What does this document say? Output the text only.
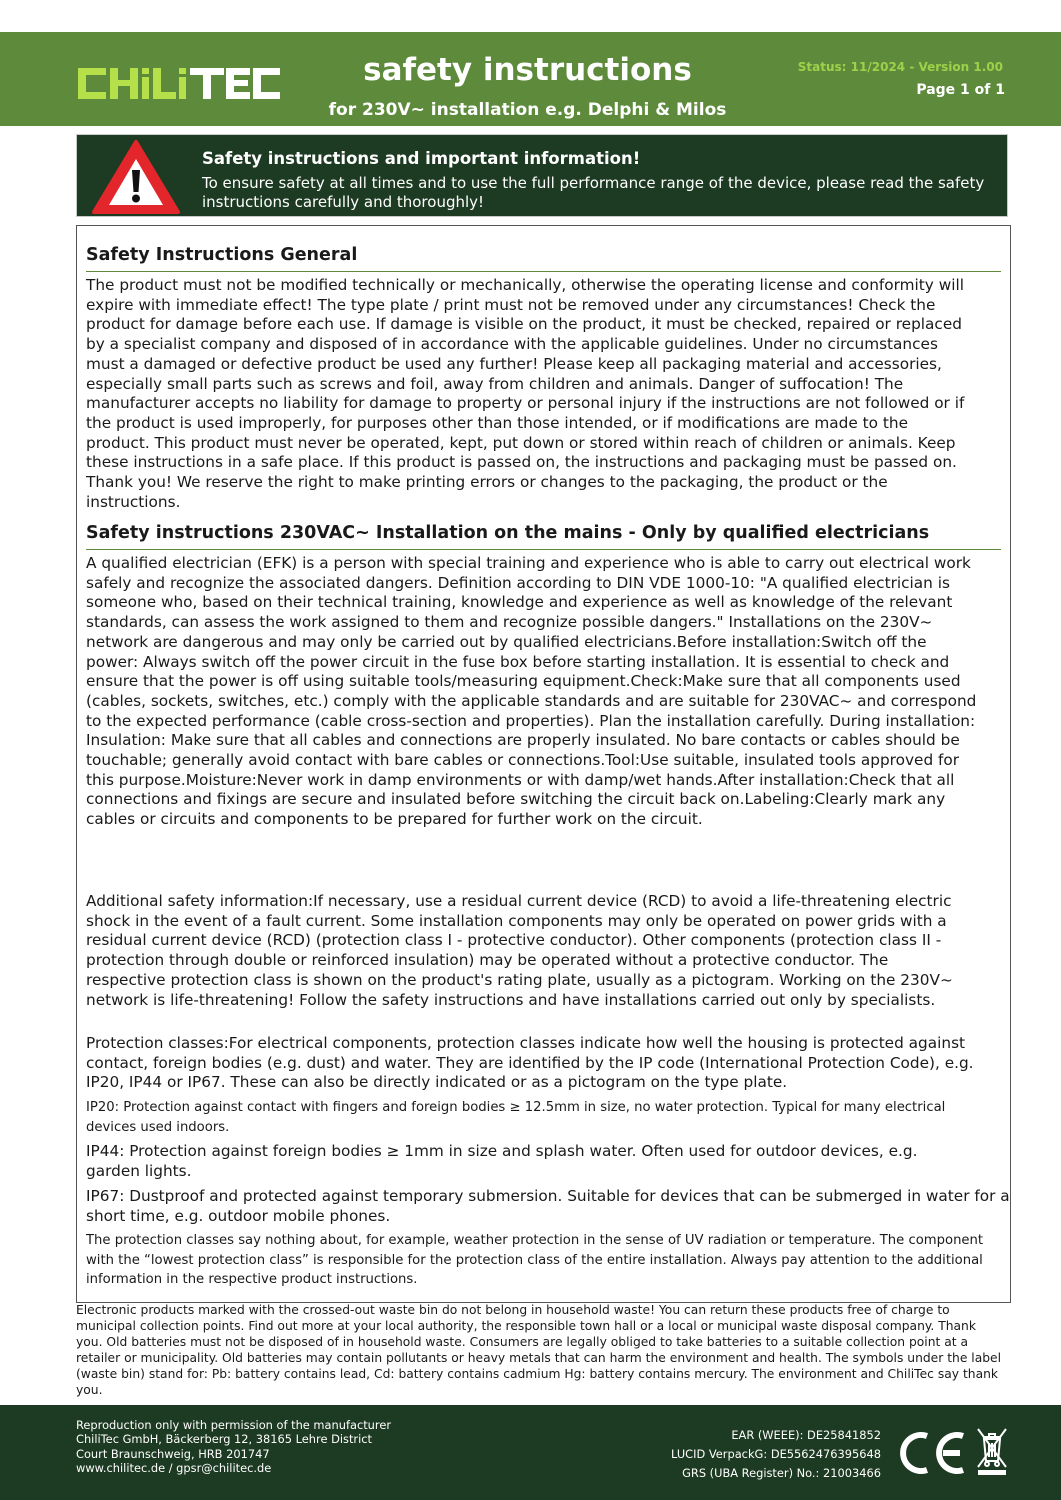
CHILITEC	safety instructions
for 230V~ installation e.g. Delphi & Milos
Status: 11/2024 - Version 1.00
Page 1 of 1
Safety instructions and important information!
To ensure safety at all times and to use the full performance range of the device, please read the safety instructions carefully and thoroughly!
Safety Instructions General
The product must not be modified technically or mechanically, otherwise the operating license and conformity will
expire with immediate effect! The type plate / print must not be removed under any circumstances! Check the
product for damage before each use. If damage is visible on the product, it must be checked, repaired or replaced
by a specialist company and disposed of in accordance with the applicable guidelines. Under no circumstances
must a damaged or defective product be used any further! Please keep all packaging material and accessories,
especially small parts such as screws and foil, away from children and animals. Danger of suffocation! The
manufacturer accepts no liability for damage to property or personal injury if the instructions are not followed or if
the product is used improperly, for purposes other than those intended, or if modifications are made to the
product. This product must never be operated, kept, put down or stored within reach of children or animals. Keep
these instructions in a safe place. If this product is passed on, the instructions and packaging must be passed on.
Thank you! We reserve the right to make printing errors or changes to the packaging, the product or the
instructions.
Safety instructions 230VAC~ Installation on the mains - Only by qualified electricians
A qualified electrician (EFK) is a person with special training and experience who is able to carry out electrical work
safely and recognize the associated dangers. Definition according to DIN VDE 1000-10: "A qualified electrician is
someone who, based on their technical training, knowledge and experience as well as knowledge of the relevant
standards, can assess the work assigned to them and recognize possible dangers." Installations on the 230V~
network are dangerous and may only be carried out by qualified electricians.Before installation:Switch off the
power: Always switch off the power circuit in the fuse box before starting installation. It is essential to check and
ensure that the power is off using suitable tools/measuring equipment.Check:Make sure that all components used
(cables, sockets, switches, etc.) comply with the applicable standards and are suitable for 230VAC~ and correspond
to the expected performance (cable cross-section and properties). Plan the installation carefully. During installation:
Insulation: Make sure that all cables and connections are properly insulated. No bare contacts or cables should be
touchable; generally avoid contact with bare cables or connections.Tool:Use suitable, insulated tools approved for
this purpose.Moisture:Never work in damp environments or with damp/wet hands.After installation:Check that all
connections and fixings are secure and insulated before switching the circuit back on.Labeling:Clearly mark any
cables or circuits and components to be prepared for further work on the circuit.
Additional safety information:If necessary, use a residual current device (RCD) to avoid a life-threatening electric
shock in the event of a fault current. Some installation components may only be operated on power grids with a
residual current device (RCD) (protection class I - protective conductor). Other components (protection class II -
protection through double or reinforced insulation) may be operated without a protective conductor. The
respective protection class is shown on the product's rating plate, usually as a pictogram. Working on the 230V~
network is life-threatening! Follow the safety instructions and have installations carried out only by specialists.
Protection classes:For electrical components, protection classes indicate how well the housing is protected against
contact, foreign bodies (e.g. dust) and water. They are identified by the IP code (International Protection Code), e.g.
IP20, IP44 or IP67. These can also be directly indicated or as a pictogram on the type plate.
IP20: Protection against contact with fingers and foreign bodies ≥ 12.5mm in size, no water protection. Typical for many electrical
devices used indoors.
IP44: Protection against foreign bodies ≥ 1mm in size and splash water. Often used for outdoor devices, e.g.
garden lights.
IP67: Dustproof and protected against temporary submersion. Suitable for devices that can be submerged in water for a
short time, e.g. outdoor mobile phones.
The protection classes say nothing about, for example, weather protection in the sense of UV radiation or temperature. The component
with the “lowest protection class” is responsible for the protection class of the entire installation. Always pay attention to the additional
information in the respective product instructions.
Electronic products marked with the crossed-out waste bin do not belong in household waste! You can return these products free of charge to
municipal collection points. Find out more at your local authority, the responsible town hall or a local or municipal waste disposal company. Thank
you. Old batteries must not be disposed of in household waste. Consumers are legally obliged to take batteries to a suitable collection point at a
retailer or municipality. Old batteries may contain pollutants or heavy metals that can harm the environment and health. The symbols under the label
(waste bin) stand for: Pb: battery contains lead, Cd: battery contains cadmium Hg: battery contains mercury. The environment and ChiliTec say thank
you.
Reproduction only with permission of the manufacturer
ChiliTec GmbH, Bäckerberg 12, 38165 Lehre District
Court Braunschweig, HRB 201747
www.chilitec.de / gpsr@chilitec.de
EAR (WEEE): DE25841852
LUCID VerpackG: DE5562476395648
GRS (UBA Register) No.: 21003466
